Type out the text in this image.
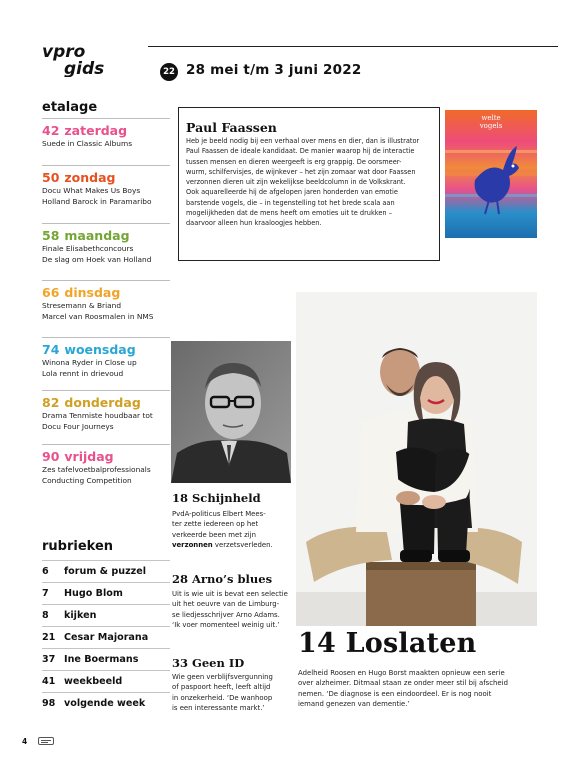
vpro
gids	22 28 mei t/m 3 juni 2022
etalage
42 zaterdag
Suede in Classic Albums
50 zondag
Docu What Makes Us Boys
Holland Barock in Paramaribo
58 maandag
Finale Elisabethconcours
De slag om Hoek van Holland
66 dinsdag
Stresemann & Briand
Marcel van Roosmalen in NMS
74 woensdag
Winona Ryder in Close up
Lola rennt in drievoud
82 donderdag
Drama Tenmiste houdbaar tot
Docu Four Journeys
90 vrijdag
Zes tafelvoetbalprofessionals
Conducting Competition
rubrieken
6	forum & puzzel
7	Hugo Blom
8	kijken
21 Cesar Majorana
37 Ine Boermans
41 weekbeeld
98 volgende week
Paul Faassen
Heb je beeld nodig bij een verhaal over mens en dier, dan is illustrator
Paul Faassen de ideale kandidaat. De manier waarop hij de interactie
tussen mensen en dieren weergeeft is erg grappig. De oorsmeer-
wurm, schilfervisjes, de wijnkever – het zijn zomaar wat door Faassen
verzonnen dieren uit zijn wekelijkse beeldcolumn in de Volkskrant.
Ook aquarelleerde hij de afgelopen jaren honderden van emotie
barstende vogels, die – in tegenstelling tot het brede scala aan
mogelijkheden dat de mens heeft om emoties uit te drukken –
daarvoor alleen hun kraaloogjes hebben.
welte
vogels
18 Schijnheld
PvdA-politicus Elbert Mees-
ter zette iedereen op het
verkeerde been met zijn
verzonnen verzetsverleden.
28 Arno’s blues
Uit is wie uit is bevat een selectie
uit het oeuvre van de Limburg-
se liedjesschrijver Arno Adams.
‘Ik voer momenteel weinig uit.’
33 Geen ID
Wie geen verblijfsvergunning
of paspoort heeft, leeft altijd
in onzekerheid. ‘De wanhoop
is een interessante markt.’
14 Loslaten
Adelheid Roosen en Hugo Borst maakten opnieuw een serie
over alzheimer. Ditmaal staan ze onder meer stil bij afscheid
nemen. ‘De diagnose is een eindoordeel. Er is nog nooit
iemand genezen van dementie.’
4
